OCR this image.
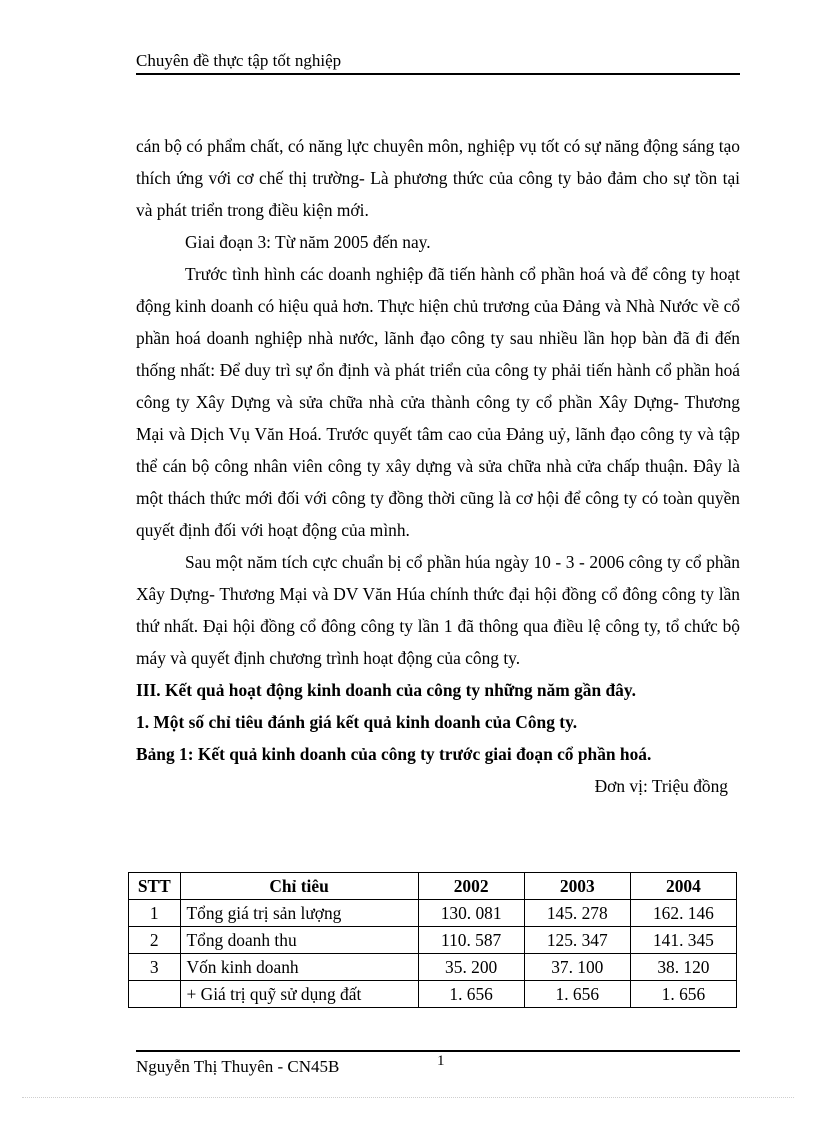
Chuyên đề thực tập tốt nghiệp

cán bộ có phẩm chất, có năng lực chuyên môn, nghiệp vụ tốt có sự năng động sáng tạo thích ứng với cơ chế thị trường- Là phương thức của công ty bảo đảm cho sự tồn tại và phát triển trong điều kiện mới.

Giai đoạn 3: Từ năm 2005 đến nay.

Trước tình hình các doanh nghiệp đã tiến hành cổ phần hoá và để công ty hoạt động kinh doanh có hiệu quả hơn. Thực hiện chủ trương của Đảng và Nhà Nước về cổ phần hoá doanh nghiệp nhà nước, lãnh đạo công ty sau nhiều lần họp bàn đã đi đến thống nhất: Để duy trì sự ổn định và phát triển của công ty phải tiến hành cổ phần hoá công ty Xây Dựng và sửa chữa nhà cửa thành công ty cổ phần Xây Dựng- Thương Mại và Dịch Vụ Văn Hoá. Trước quyết tâm cao của Đảng uỷ, lãnh đạo công ty và tập thể cán bộ công nhân viên công ty xây dựng và sửa chữa nhà cửa chấp thuận. Đây là một thách thức mới đối với công ty đồng thời cũng là cơ hội để công ty có toàn quyền quyết định đối với hoạt động của mình.

Sau một năm tích cực chuẩn bị cổ phần húa ngày 10 - 3 - 2006 công ty cổ phần Xây Dựng- Thương Mại và DV Văn Húa chính thức đại hội đồng cổ đông công ty lần thứ nhất. Đại hội đồng cổ đông công ty lần 1 đã thông qua điều lệ công ty, tổ chức bộ máy và quyết định chương trình hoạt động của công ty.

III. Kết quả hoạt động kinh doanh của công ty những năm gần đây.

1. Một số chỉ tiêu đánh giá kết quả kinh doanh của Công ty.

Bảng 1: Kết quả kinh doanh của công ty trước giai đoạn cổ phần hoá.

Đơn vị: Triệu đồng

STT	Chỉ tiêu	2002	2003	2004
1	Tổng giá trị sản lượng	130. 081	145. 278	162. 146
2	Tổng doanh thu	110. 587	125. 347	141. 345
3	Vốn kinh doanh	35. 200	37. 100	38. 120
	+ Giá trị quỹ sử dụng đất	1. 656	1. 656	1. 656
Nguyễn Thị Thuyên - CN45B	1
